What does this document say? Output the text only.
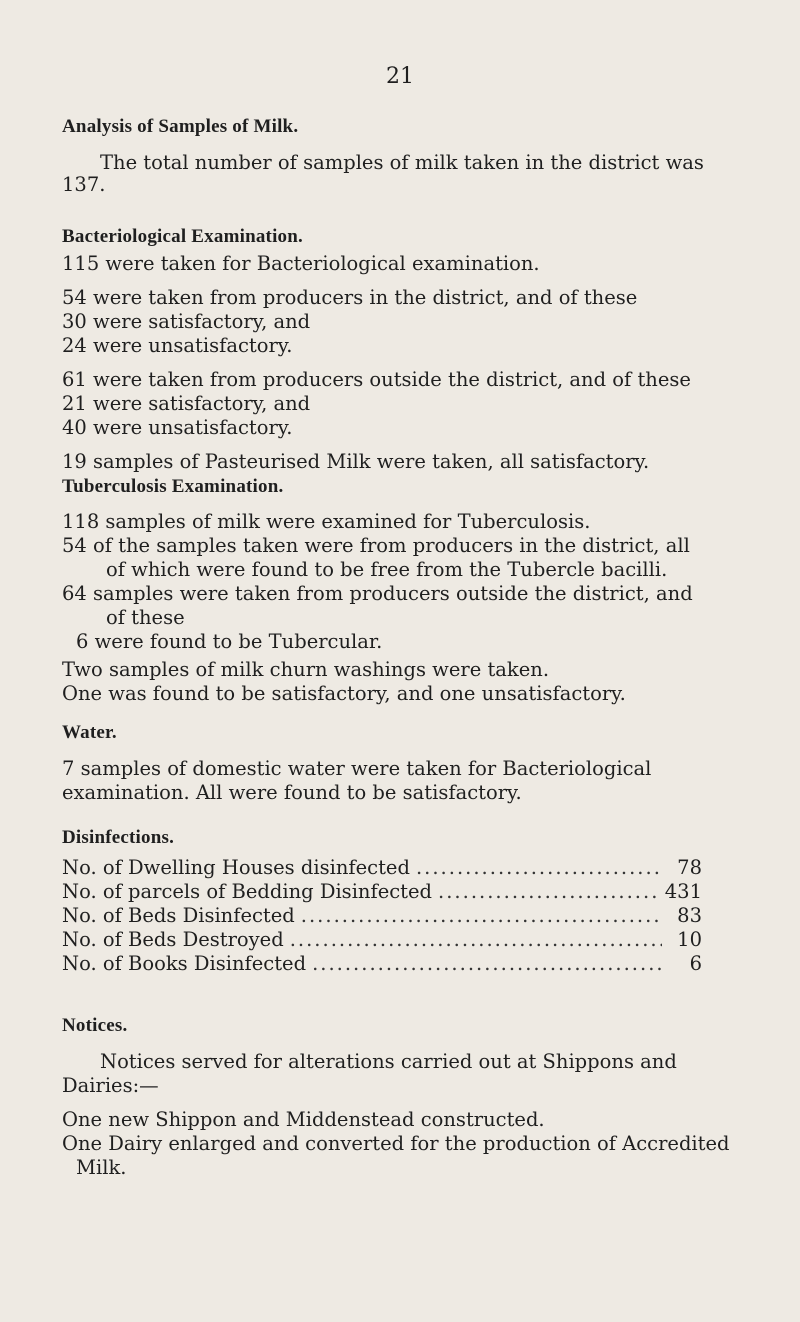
21
Analysis of Samples of Milk.
The total number of samples of milk taken in the district was
137.
Bacteriological Examination.
115 were taken for Bacteriological examination.
54 were taken from producers in the district, and of these
30 were satisfactory, and
24 were unsatisfactory.
61 were taken from producers outside the district, and of these
21 were satisfactory, and
40 were unsatisfactory.
19 samples of Pasteurised Milk were taken, all satisfactory.
Tuberculosis Examination.
118 samples of milk were examined for Tuberculosis.
54 of the samples taken were from producers in the district, all
of which were found to be free from the Tubercle bacilli.
64 samples were taken from producers outside the district, and
of these
6 were found to be Tubercular.
Two samples of milk churn washings were taken.
One was found to be satisfactory, and one unsatisfactory.
Water.
7 samples of domestic water were taken for Bacteriological
examination. All were found to be satisfactory.
Disinfections.
No. of Dwelling Houses disinfected .....	78
No. of parcels of Bedding Disinfected .....	431
No. of Beds Disinfected .....	83
No. of Beds Destroyed .....	10
No. of Books Disinfected .....	6
Notices.
Notices served for alterations carried out at Shippons and
Dairies:—
One new Shippon and Middenstead constructed.
One Dairy enlarged and converted for the production of Accredited
Milk.
